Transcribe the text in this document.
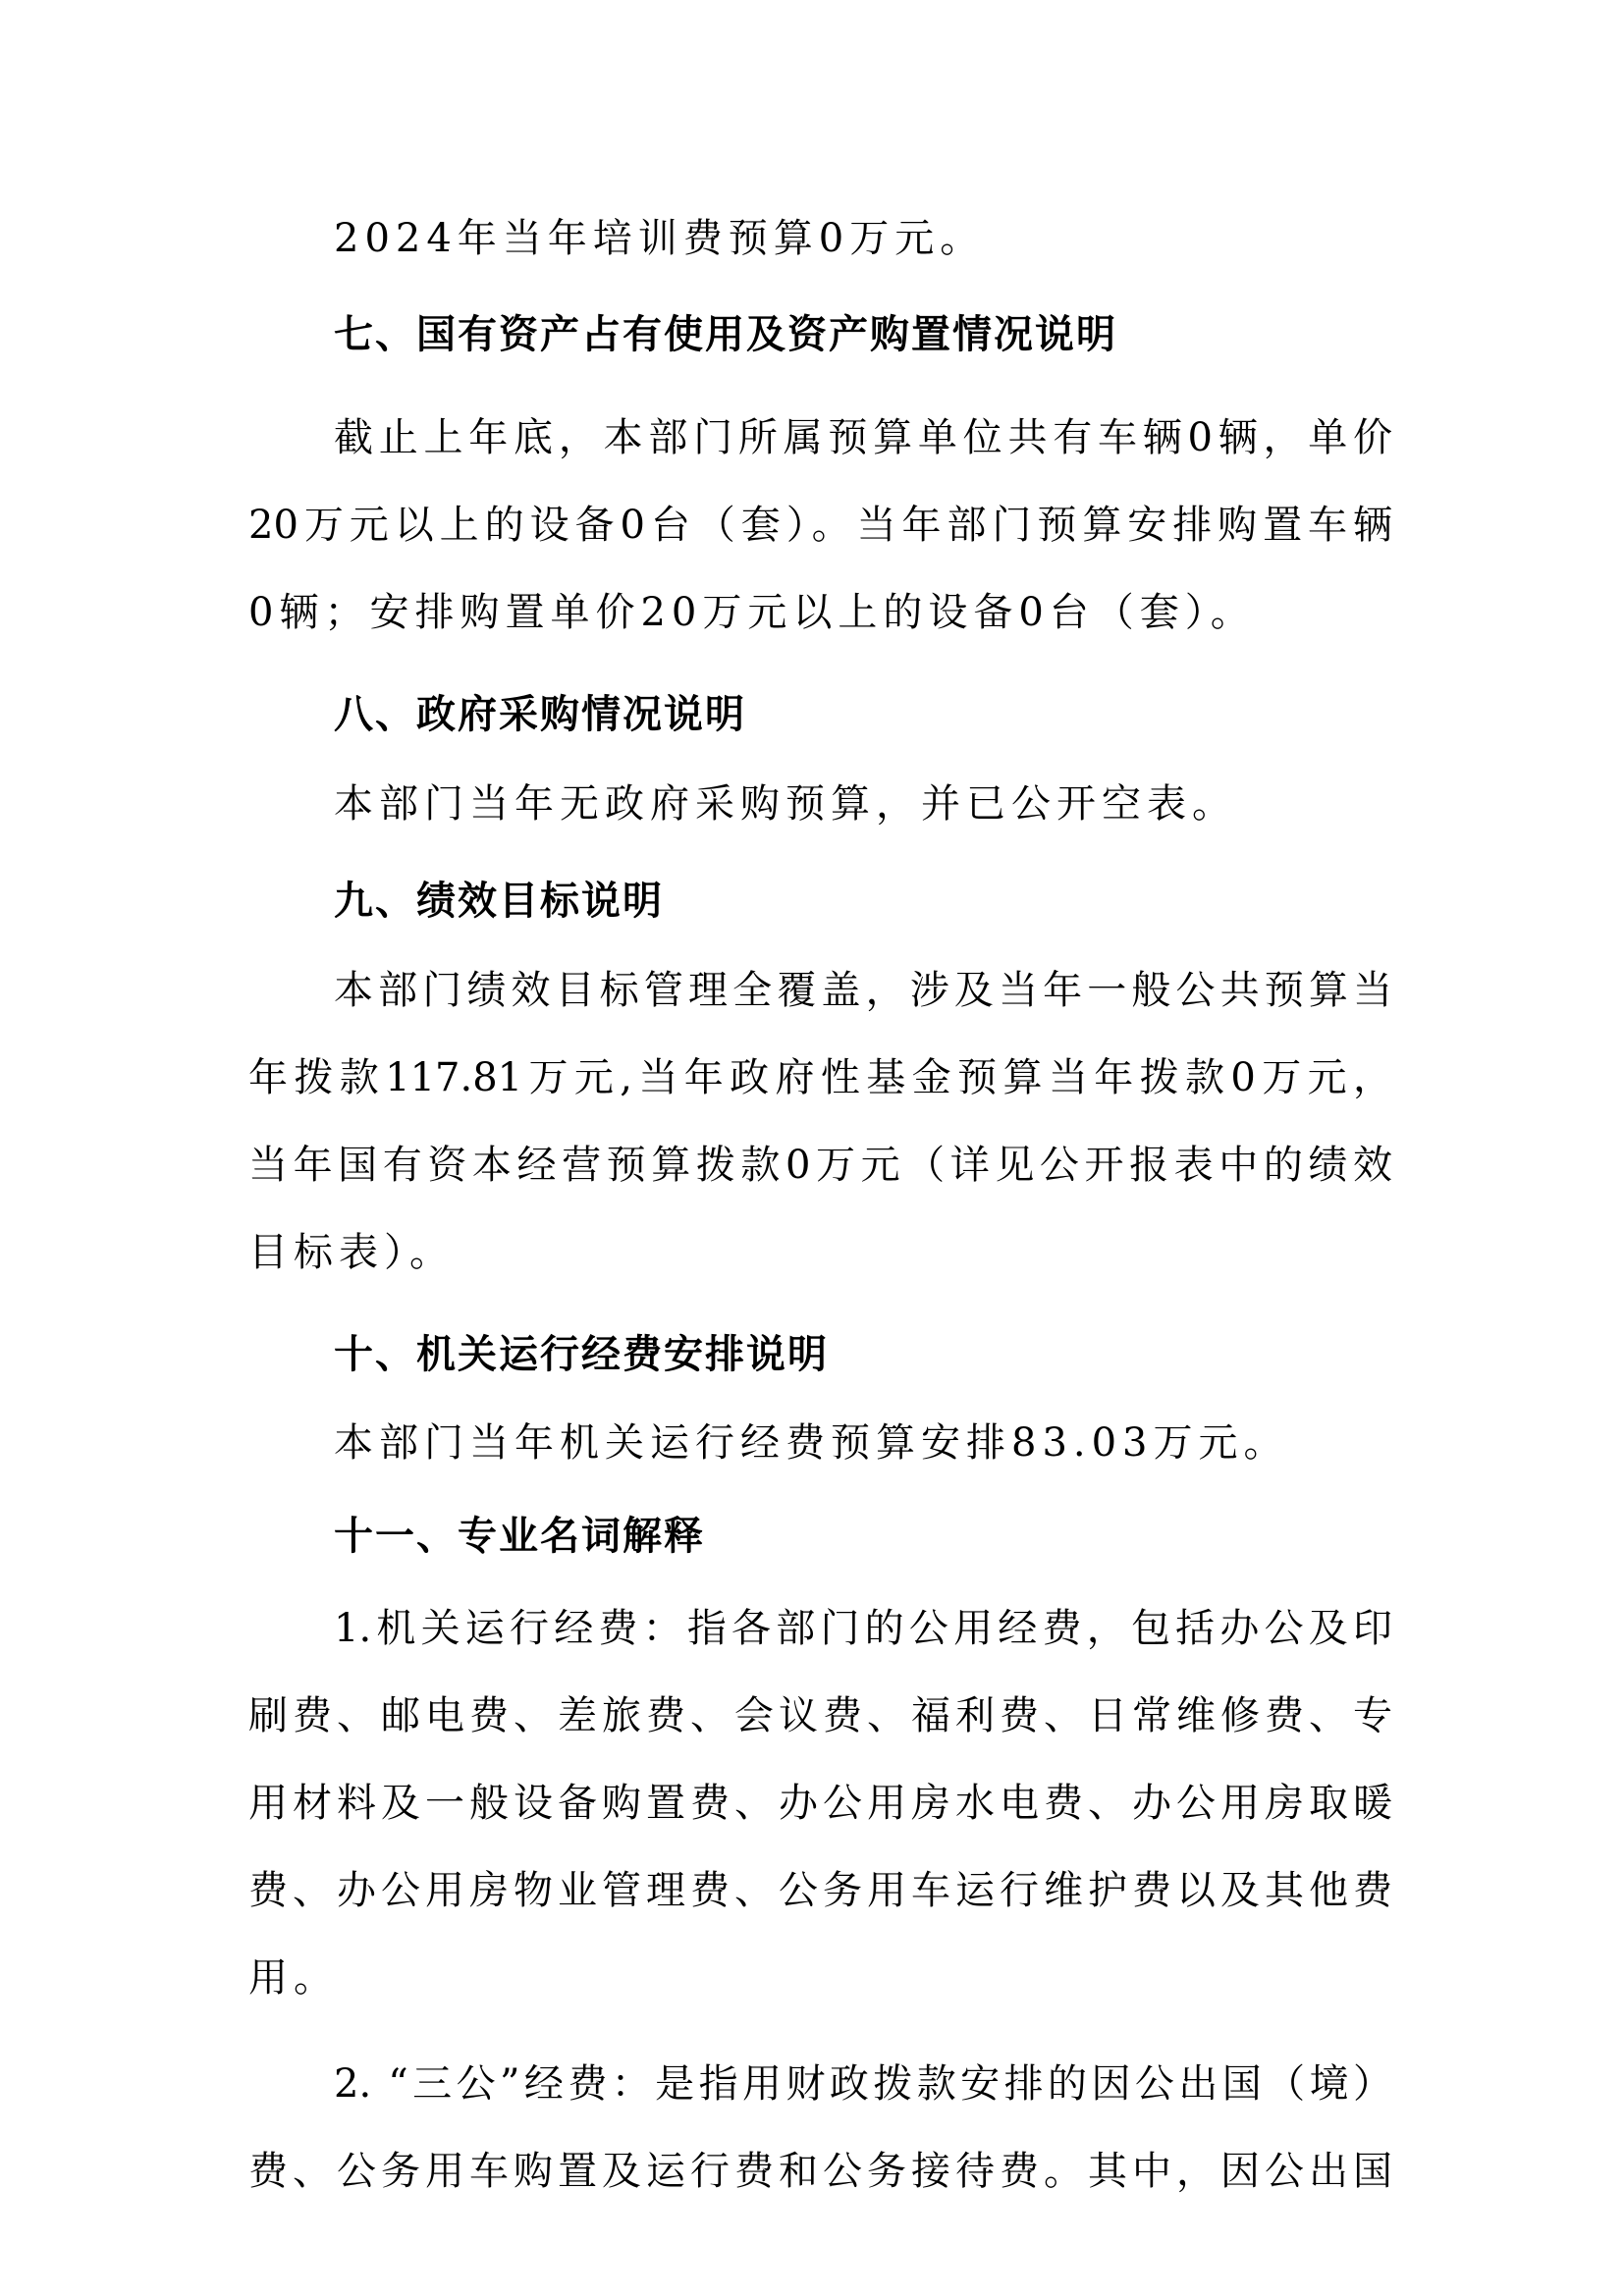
2024年当年培训费预算0万元。
七、国有资产占有使用及资产购置情况说明
截止上年底，本部门所属预算单位共有车辆0辆，单价
20万元以上的设备0台（套）。当年部门预算安排购置车辆
0辆；安排购置单价20万元以上的设备0台（套）。
八、政府采购情况说明
本部门当年无政府采购预算，并已公开空表。
九、绩效目标说明
本部门绩效目标管理全覆盖，涉及当年一般公共预算当
年拨款117.81万元,当年政府性基金预算当年拨款0万元，
当年国有资本经营预算拨款0万元（详见公开报表中的绩效
目标表）。
十、机关运行经费安排说明
本部门当年机关运行经费预算安排83.03万元。
十一、专业名词解释
1.机关运行经费：指各部门的公用经费，包括办公及印
刷费、邮电费、差旅费、会议费、福利费、日常维修费、专
用材料及一般设备购置费、办公用房水电费、办公用房取暖
费、办公用房物业管理费、公务用车运行维护费以及其他费
用。
2. “三公”经费：是指用财政拨款安排的因公出国（境）
费、公务用车购置及运行费和公务接待费。其中，因公出国
